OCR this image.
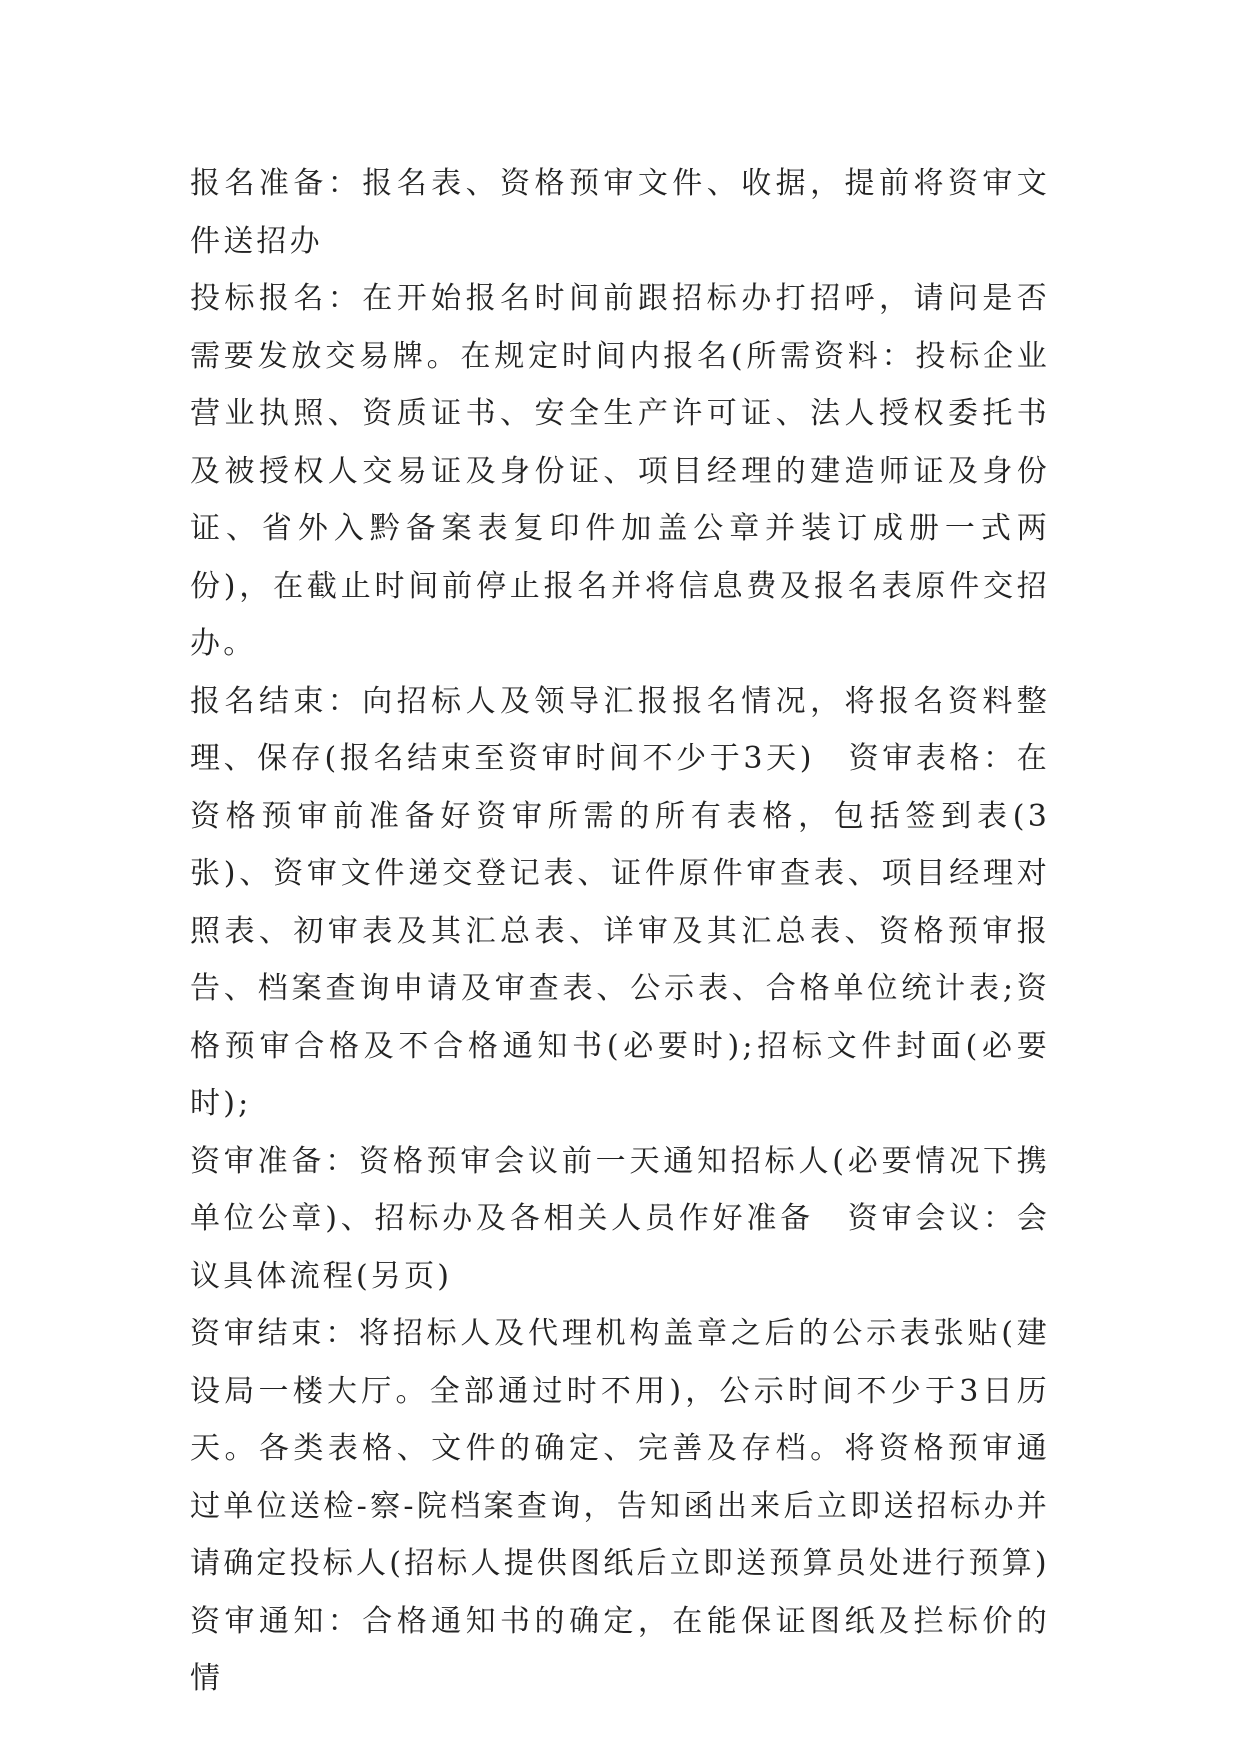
报名准备：报名表、资格预审文件、收据，提前将资审文件送招办

投标报名：在开始报名时间前跟招标办打招呼，请问是否需要发放交易牌。在规定时间内报名(所需资料：投标企业营业执照、资质证书、安全生产许可证、法人授权委托书及被授权人交易证及身份证、项目经理的建造师证及身份证、省外入黔备案表复印件加盖公章并装订成册一式两份)，在截止时间前停止报名并将信息费及报名表原件交招办。

报名结束：向招标人及领导汇报报名情况，将报名资料整理、保存(报名结束至资审时间不少于3天)　资审表格：在资格预审前准备好资审所需的所有表格，包括签到表(3张)、资审文件递交登记表、证件原件审查表、项目经理对照表、初审表及其汇总表、详审及其汇总表、资格预审报告、档案查询申请及审查表、公示表、合格单位统计表;资格预审合格及不合格通知书(必要时);招标文件封面(必要时);

资审准备：资格预审会议前一天通知招标人(必要情况下携单位公章)、招标办及各相关人员作好准备　资审会议：会议具体流程(另页)

资审结束：将招标人及代理机构盖章之后的公示表张贴(建设局一楼大厅。全部通过时不用)，公示时间不少于3日历天。各类表格、文件的确定、完善及存档。将资格预审通过单位送检-察-院档案查询，告知函出来后立即送招标办并请确定投标人(招标人提供图纸后立即送预算员处进行预算)

资审通知：合格通知书的确定，在能保证图纸及拦标价的情
